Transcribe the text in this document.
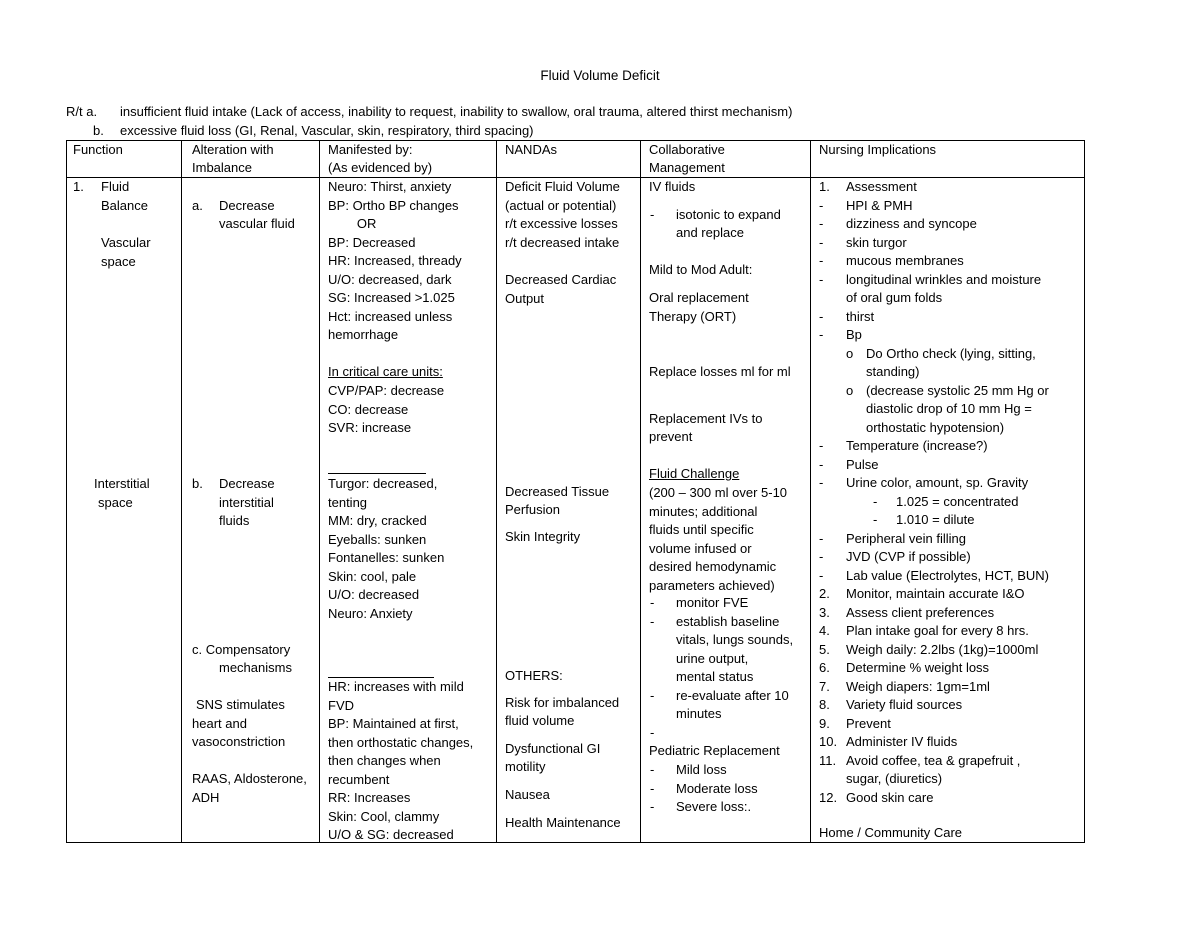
Fluid Volume Deficit
R/t a. insufficient fluid intake (Lack of access, inability to request, inability to swallow, oral trauma, altered thirst mechanism)
b. excessive fluid loss (GI, Renal, Vascular, skin, respiratory, third spacing)
Function	Alteration with
Imbalance
Manifested by:
(As evidenced by)
NANDAs	Collaborative
Management
Nursing Implications
1. Fluid
Balance
Vascular
space
Interstitial
space
a. Decrease
vascular fluid
b. Decrease
interstitial
fluids
c. Compensatory
mechanisms
SNS stimulates
heart and
vasoconstriction
RAAS, Aldosterone,
ADH
Neuro: Thirst, anxiety
BP: Ortho BP changes
OR
BP: Decreased
HR: Increased, thready
U/O: decreased, dark
SG: Increased >1.025
Hct: increased unless
hemorrhage
In critical care units:
CVP/PAP: decrease
CO: decrease
SVR: increase
Turgor: decreased,
tenting
MM: dry, cracked
Eyeballs: sunken
Fontanelles: sunken
Skin: cool, pale
U/O: decreased
Neuro: Anxiety
HR: increases with mild
FVD
BP: Maintained at first,
then orthostatic changes,
then changes when
recumbent
RR: Increases
Skin: Cool, clammy
U/O & SG: decreased
Deficit Fluid Volume
(actual or potential)
r/t excessive losses
r/t decreased intake
Decreased Cardiac
Output
Decreased Tissue
Perfusion
Skin Integrity
OTHERS:
Risk for imbalanced
fluid volume
Dysfunctional GI
motility
Nausea
Health Maintenance
IV fluids
- isotonic to expand
and replace
Mild to Mod Adult:
Oral replacement
Therapy (ORT)
Replace losses ml for ml
Replacement IVs to
prevent
Fluid Challenge
(200 – 300 ml over 5-10
minutes; additional
fluids until specific
volume infused or
desired hemodynamic
parameters achieved)
- monitor FVE
- establish baseline
vitals, lungs sounds,
urine output,
mental status
- re-evaluate after 10
minutes
-
Pediatric Replacement
- Mild loss
- Moderate loss
- Severe loss:.
1. Assessment
- HPI & PMH
- dizziness and syncope
- skin turgor
- mucous membranes
- longitudinal wrinkles and moisture
of oral gum folds
- thirst
- Bp
o Do Ortho check (lying, sitting,
standing)
o (decrease systolic 25 mm Hg or
diastolic drop of 10 mm Hg =
orthostatic hypotension)
- Temperature (increase?)
- Pulse
- Urine color, amount, sp. Gravity
- 1.025 = concentrated
- 1.010 = dilute
- Peripheral vein filling
- JVD (CVP if possible)
- Lab value (Electrolytes, HCT, BUN)
2. Monitor, maintain accurate I&O
3. Assess client preferences
4. Plan intake goal for every 8 hrs.
5. Weigh daily: 2.2lbs (1kg)=1000ml
6. Determine % weight loss
7. Weigh diapers: 1gm=1ml
8. Variety fluid sources
9. Prevent
10. Administer IV fluids
11. Avoid coffee, tea & grapefruit ,
sugar, (diuretics)
12. Good skin care
Home / Community Care
